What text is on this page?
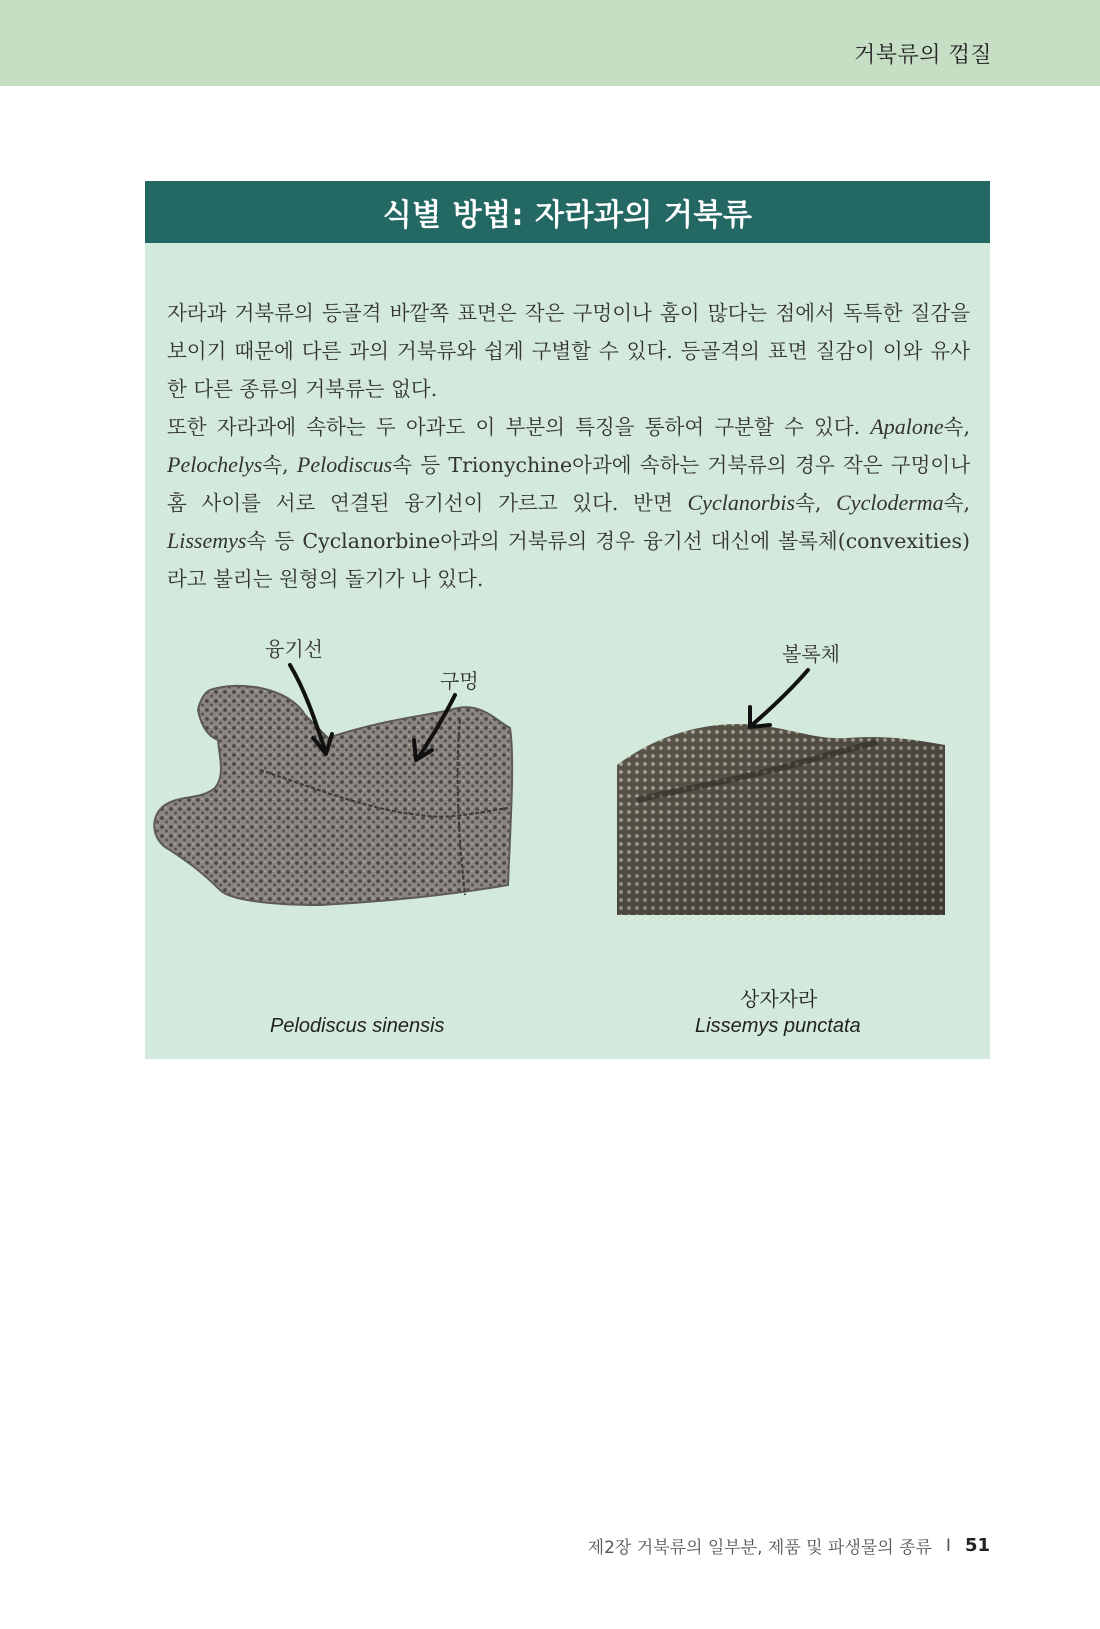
거북류의 껍질
식별 방법: 자라과의 거북류

자라과 거북류의 등골격 바깥쪽 표면은 작은 구멍이나 홈이 많다는 점에서 독특한 질감을 보이기 때문에 다른 과의 거북류와 쉽게 구별할 수 있다. 등골격의 표면 질감이 이와 유사한 다른 종류의 거북류는 없다.

또한 자라과에 속하는 두 아과도 이 부분의 특징을 통하여 구분할 수 있다. Apalone속, Pelochelys속, Pelodiscus속 등 Trionychine아과에 속하는 거북류의 경우 작은 구멍이나 홈 사이를 서로 연결된 융기선이 가르고 있다. 반면 Cyclanorbis속, Cycloderma속, Lissemys속 등 Cyclanorbine아과의 거북류의 경우 융기선 대신에 볼록체(convexities)라고 불리는 원형의 돌기가 나 있다.

융기선
구멍
볼록체
Pelodiscus sinensis
상자자라
Lissemys punctata
제2장 거북류의 일부분, 제품 및 파생물의 종류 I 51
